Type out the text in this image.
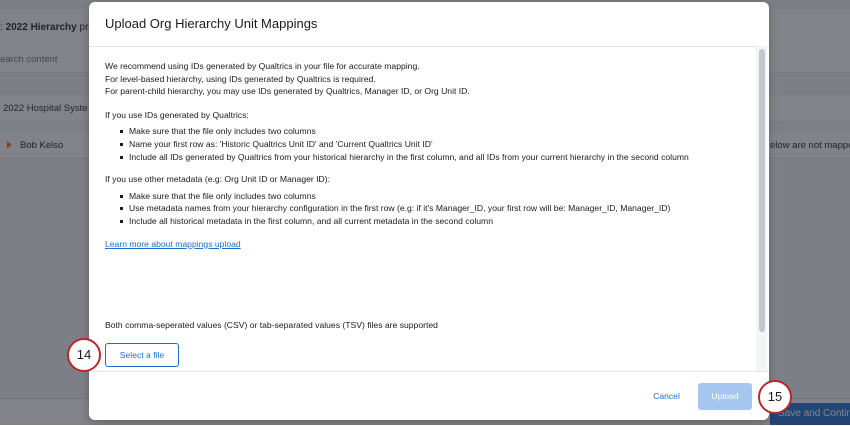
Upload Org Hierarchy Unit Mappings

We recommend using IDs generated by Qualtrics in your file for accurate mapping.

For level-based hierarchy, using IDs generated by Qualtrics is required.

For parent-child hierarchy, you may use IDs generated by Qualtrics, Manager ID, or Org Unit ID.

If you use IDs generated by Qualtrics:

Make sure that the file only includes two columns
Name your first row as: 'Historic Qualtrics Unit ID' and 'Current Qualtrics Unit ID'
Include all IDs generated by Qualtrics from your historical hierarchy in the first column, and all IDs from your current hierarchy in the second column

If you use other metadata (e.g: Org Unit ID or Manager ID):

Make sure that the file only includes two columns
Use metadata names from your hierarchy configuration in the first row (e.g: if it's Manager_ID, your first row will be: Manager_ID, Manager_ID)
Include all historical metadata in the first column, and all current metadata in the second column

Learn more about mappings upload

Both comma-seperated values (CSV) or tab-separated values (TSV) files are supported
Select a file
Cancel	Upload
14
15
